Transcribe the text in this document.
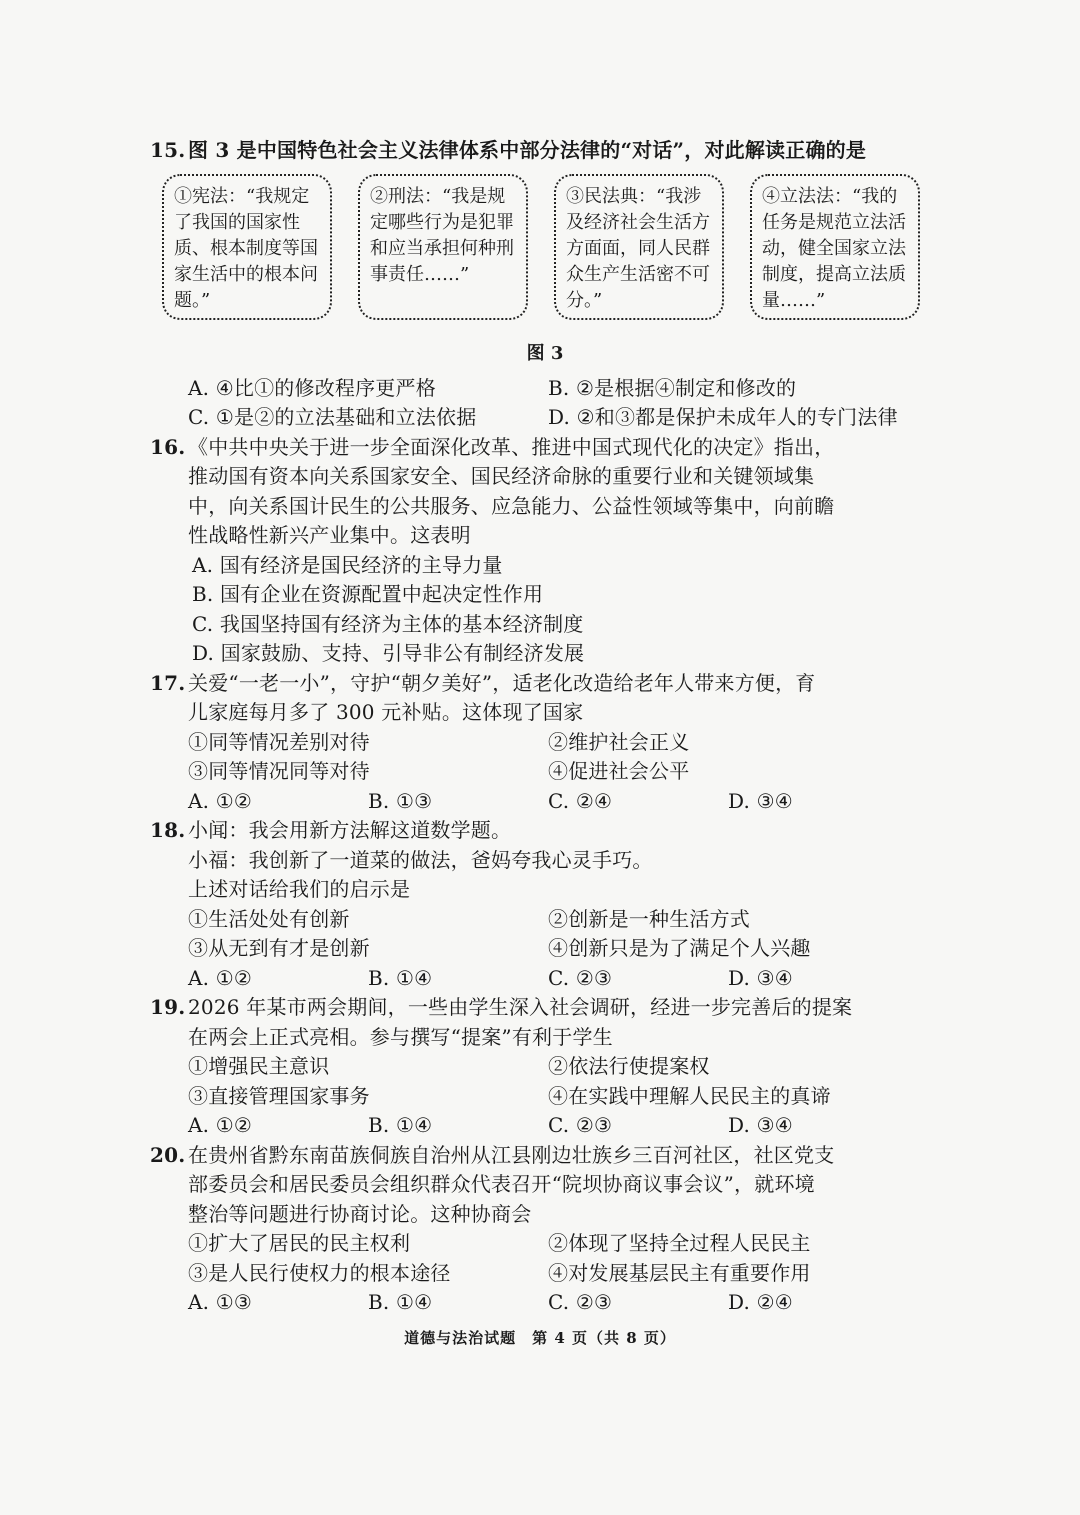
15. 图 3 是中国特色社会主义法律体系中部分法律的“对话”，对此解读正确的是
①宪法：“我规定了我国的国家性质、根本制度等国家生活中的根本问题。”
②刑法：“我是规定哪些行为是犯罪和应当承担何种刑事责任……”
③民法典：“我涉及经济社会生活方方面面，同人民群众生产生活密不可分。”
④立法法：“我的任务是规范立法活动，健全国家立法制度，提高立法质量……”
图 3
A. ④比①的修改程序更严格	B. ②是根据④制定和修改的
C. ①是②的立法基础和立法依据	D. ②和③都是保护未成年人的专门法律
16. 《中共中央关于进一步全面深化改革、推进中国式现代化的决定》指出，
推动国有资本向关系国家安全、国民经济命脉的重要行业和关键领域集
中，向关系国计民生的公共服务、应急能力、公益性领域等集中，向前瞻
性战略性新兴产业集中。这表明
A. 国有经济是国民经济的主导力量
B. 国有企业在资源配置中起决定性作用
C. 我国坚持国有经济为主体的基本经济制度
D. 国家鼓励、支持、引导非公有制经济发展
17. 关爱“一老一小”，守护“朝夕美好”，适老化改造给老年人带来方便，育
儿家庭每月多了 300 元补贴。这体现了国家
①同等情况差别对待	②维护社会正义
③同等情况同等对待	④促进社会公平
A. ①②	B. ①③	C. ②④	D. ③④
18. 小闻：我会用新方法解这道数学题。
小福：我创新了一道菜的做法，爸妈夸我心灵手巧。
上述对话给我们的启示是
①生活处处有创新	②创新是一种生活方式
③从无到有才是创新	④创新只是为了满足个人兴趣
A. ①②	B. ①④	C. ②③	D. ③④
19. 2026 年某市两会期间，一些由学生深入社会调研，经进一步完善后的提案
在两会上正式亮相。参与撰写“提案”有利于学生
①增强民主意识	②依法行使提案权
③直接管理国家事务	④在实践中理解人民民主的真谛
A. ①②	B. ①④	C. ②③	D. ③④
20. 在贵州省黔东南苗族侗族自治州从江县刚边壮族乡三百河社区，社区党支
部委员会和居民委员会组织群众代表召开“院坝协商议事会议”，就环境
整治等问题进行协商讨论。这种协商会
①扩大了居民的民主权利	②体现了坚持全过程人民民主
③是人民行使权力的根本途径	④对发展基层民主有重要作用
A. ①③	B. ①④	C. ②③	D. ②④
道德与法治试题　第 4 页（共 8 页）
